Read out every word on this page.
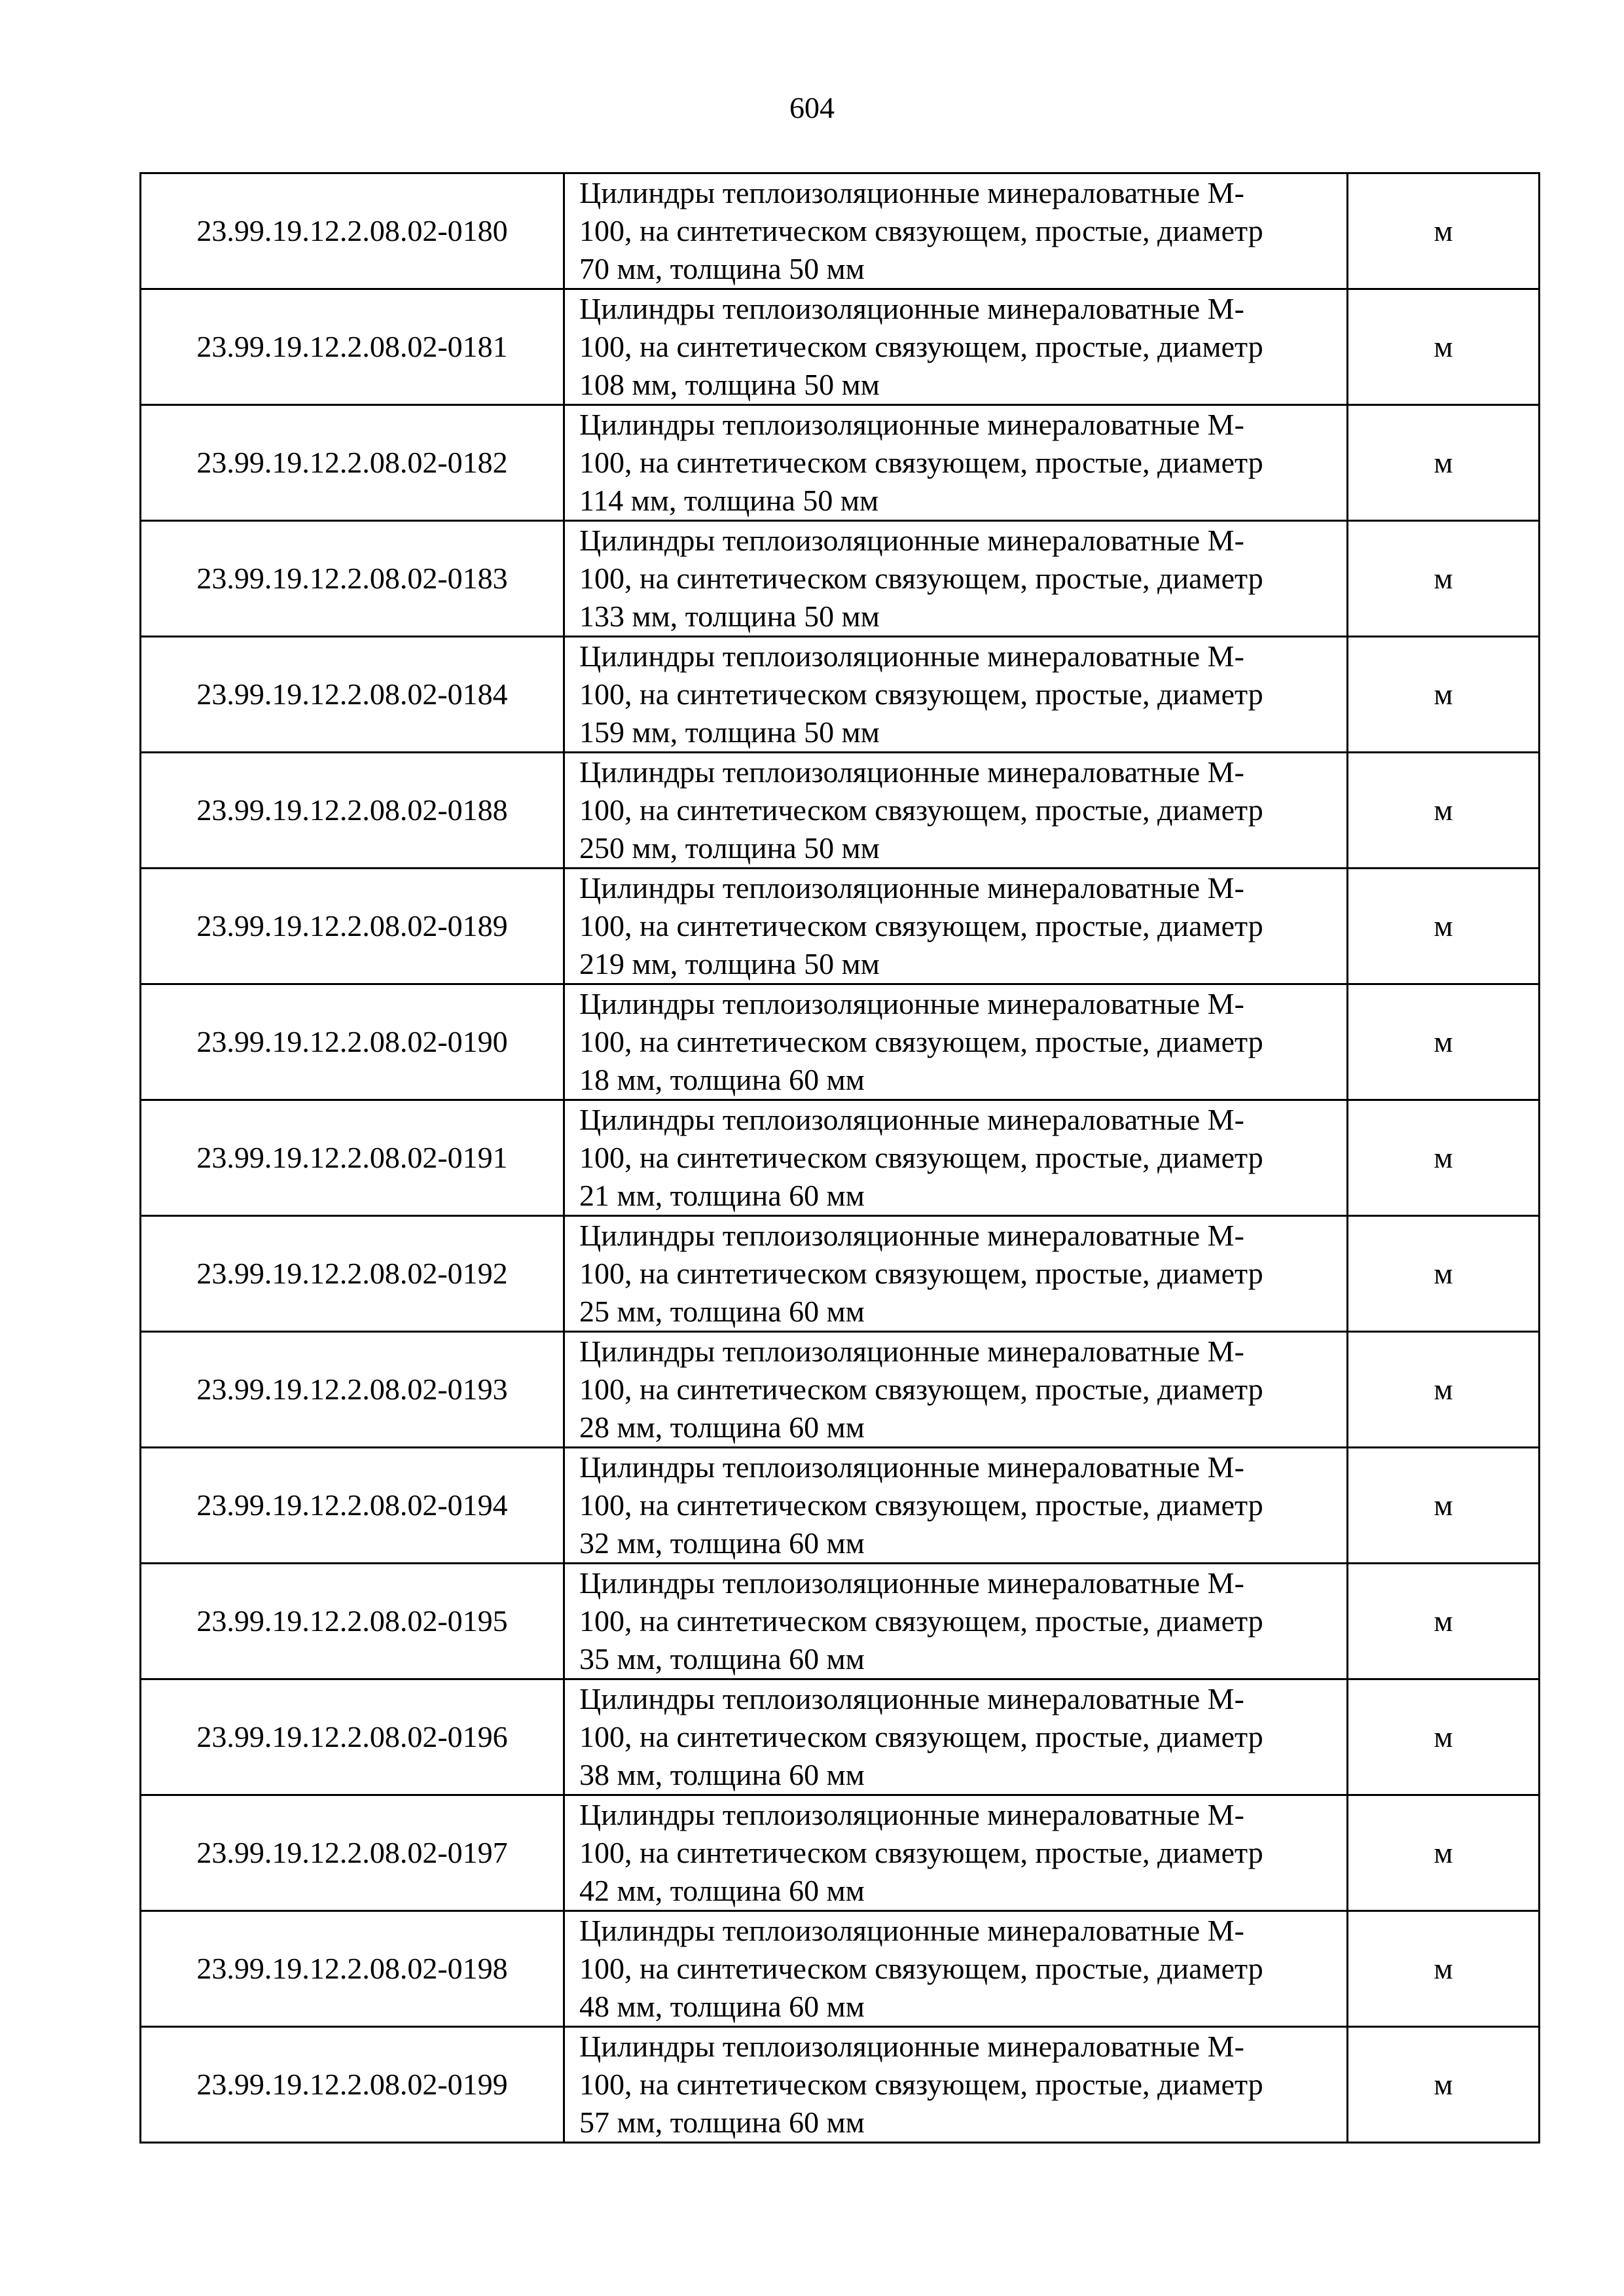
604
23.99.19.12.2.08.02-0180	Цилиндры теплоизоляционные минераловатные М-
100, на синтетическом связующем, простые, диаметр
70 мм, толщина 50 мм	м
23.99.19.12.2.08.02-0181	Цилиндры теплоизоляционные минераловатные М-
100, на синтетическом связующем, простые, диаметр
108 мм, толщина 50 мм	м
23.99.19.12.2.08.02-0182	Цилиндры теплоизоляционные минераловатные М-
100, на синтетическом связующем, простые, диаметр
114 мм, толщина 50 мм	м
23.99.19.12.2.08.02-0183	Цилиндры теплоизоляционные минераловатные М-
100, на синтетическом связующем, простые, диаметр
133 мм, толщина 50 мм	м
23.99.19.12.2.08.02-0184	Цилиндры теплоизоляционные минераловатные М-
100, на синтетическом связующем, простые, диаметр
159 мм, толщина 50 мм	м
23.99.19.12.2.08.02-0188	Цилиндры теплоизоляционные минераловатные М-
100, на синтетическом связующем, простые, диаметр
250 мм, толщина 50 мм	м
23.99.19.12.2.08.02-0189	Цилиндры теплоизоляционные минераловатные М-
100, на синтетическом связующем, простые, диаметр
219 мм, толщина 50 мм	м
23.99.19.12.2.08.02-0190	Цилиндры теплоизоляционные минераловатные М-
100, на синтетическом связующем, простые, диаметр
18 мм, толщина 60 мм	м
23.99.19.12.2.08.02-0191	Цилиндры теплоизоляционные минераловатные М-
100, на синтетическом связующем, простые, диаметр
21 мм, толщина 60 мм	м
23.99.19.12.2.08.02-0192	Цилиндры теплоизоляционные минераловатные М-
100, на синтетическом связующем, простые, диаметр
25 мм, толщина 60 мм	м
23.99.19.12.2.08.02-0193	Цилиндры теплоизоляционные минераловатные М-
100, на синтетическом связующем, простые, диаметр
28 мм, толщина 60 мм	м
23.99.19.12.2.08.02-0194	Цилиндры теплоизоляционные минераловатные М-
100, на синтетическом связующем, простые, диаметр
32 мм, толщина 60 мм	м
23.99.19.12.2.08.02-0195	Цилиндры теплоизоляционные минераловатные М-
100, на синтетическом связующем, простые, диаметр
35 мм, толщина 60 мм	м
23.99.19.12.2.08.02-0196	Цилиндры теплоизоляционные минераловатные М-
100, на синтетическом связующем, простые, диаметр
38 мм, толщина 60 мм	м
23.99.19.12.2.08.02-0197	Цилиндры теплоизоляционные минераловатные М-
100, на синтетическом связующем, простые, диаметр
42 мм, толщина 60 мм	м
23.99.19.12.2.08.02-0198	Цилиндры теплоизоляционные минераловатные М-
100, на синтетическом связующем, простые, диаметр
48 мм, толщина 60 мм	м
23.99.19.12.2.08.02-0199	Цилиндры теплоизоляционные минераловатные М-
100, на синтетическом связующем, простые, диаметр
57 мм, толщина 60 мм	м
